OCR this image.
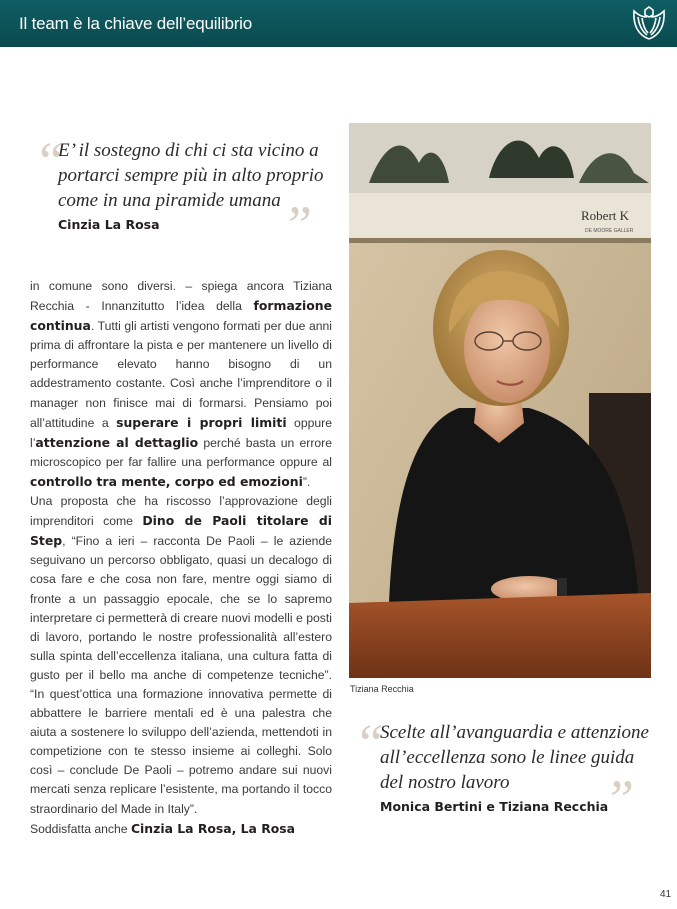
Il team è la chiave dell’equilibrio
“
E’ il sostegno di chi ci sta vicino a
portarci sempre più in alto proprio
come in una piramide umana ”
Cinzia La Rosa

in comune sono diversi. – spiega ancora Tiziana Recchia - Innanzitutto l’idea della formazione continua. Tutti gli artisti vengono formati per due anni prima di affrontare la pista e per mantenere un livello di performance elevato hanno bisogno di un addestramento costante. Così anche l’imprenditore o il manager non finisce mai di formarsi. Pensiamo poi all’attitudine a superare i propri limiti oppure l’attenzione al dettaglio perché basta un errore microscopico per far fallire una performance oppure al controllo tra mente, corpo ed emozioni”.

Una proposta che ha riscosso l’approvazione degli imprenditori come Dino de Paoli titolare di Step, “Fino a ieri – racconta De Paoli – le aziende seguivano un percorso obbligato, quasi un decalogo di cosa fare e che cosa non fare, mentre oggi siamo di fronte a un passaggio epocale, che se lo sapremo interpretare ci permetterà di creare nuovi modelli e posti di lavoro, portando le nostre professionalità all’estero sulla spinta dell’eccellenza italiana, una cultura fatta di gusto per il bello ma anche di competenze tecniche”. “In quest’ottica una formazione innovativa permette di abbattere le barriere mentali ed è una palestra che aiuta a sostenere lo sviluppo dell’azienda, mettendoti in competizione con te stesso insieme ai colleghi. Solo così – conclude De Paoli – potremo andare sui nuovi mercati senza replicare l’esistente, ma portando il tocco straordinario del Made in Italy”.

Soddisfatta anche Cinzia La Rosa, La Rosa

Robert K
DE MOORE GALLER
Tiziana Recchia
“
Scelte all’avanguardia e attenzione
all’eccellenza sono le linee guida
del nostro lavoro	”
Monica Bertini e Tiziana Recchia
41
